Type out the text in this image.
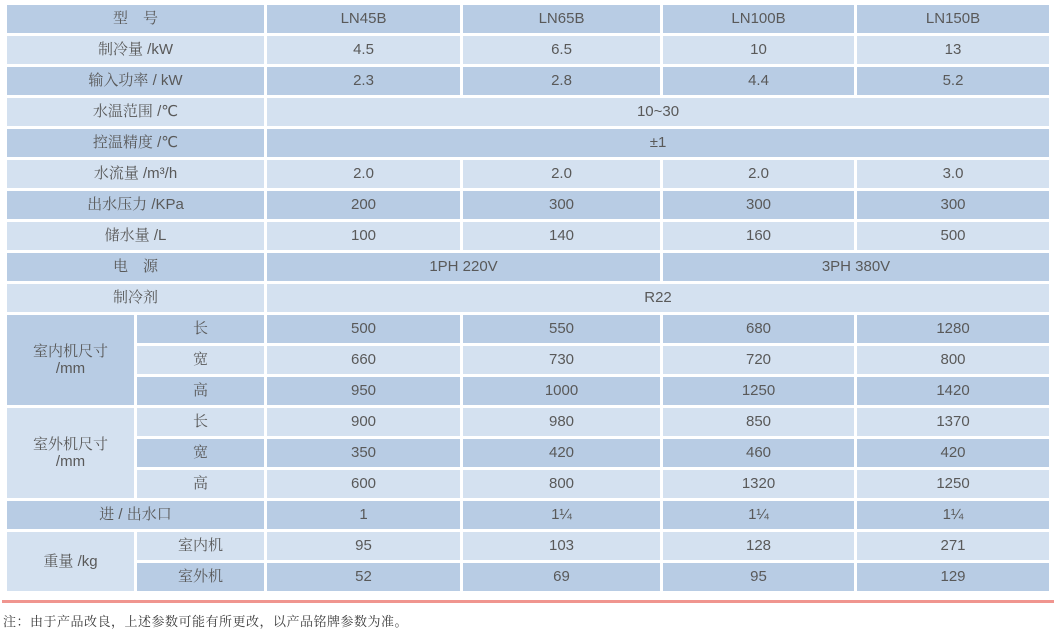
型　号		LN45B	LN65B	LN100B	LN150B
制冷量 /kW		4.5	6.5	10	13
输入功率 / kW		2.3	2.8	4.4	5.2
水温范围 /℃		10~30			
控温精度 /℃		±1			
水流量 /m³/h		2.0	2.0	2.0	3.0
出水压力 /KPa		200	300	300	300
储水量 /L		100	140	160	500
电　源		1PH 220V		3PH 380V	
制冷剂		R22			
室内机尺寸
/mm	长	500	550	680	1280
	宽	660	730	720	800
	高	950	1000	1250	1420
室外机尺寸
/mm	长	900	980	850	1370
	宽	350	420	460	420
	高	600	800	1320	1250
进 / 出水口		1	1¼	1¼	1¼
重量 /kg	室内机	95	103	128	271
	室外机	52	69	95	129
注：由于产品改良，上述参数可能有所更改，以产品铭牌参数为准。
